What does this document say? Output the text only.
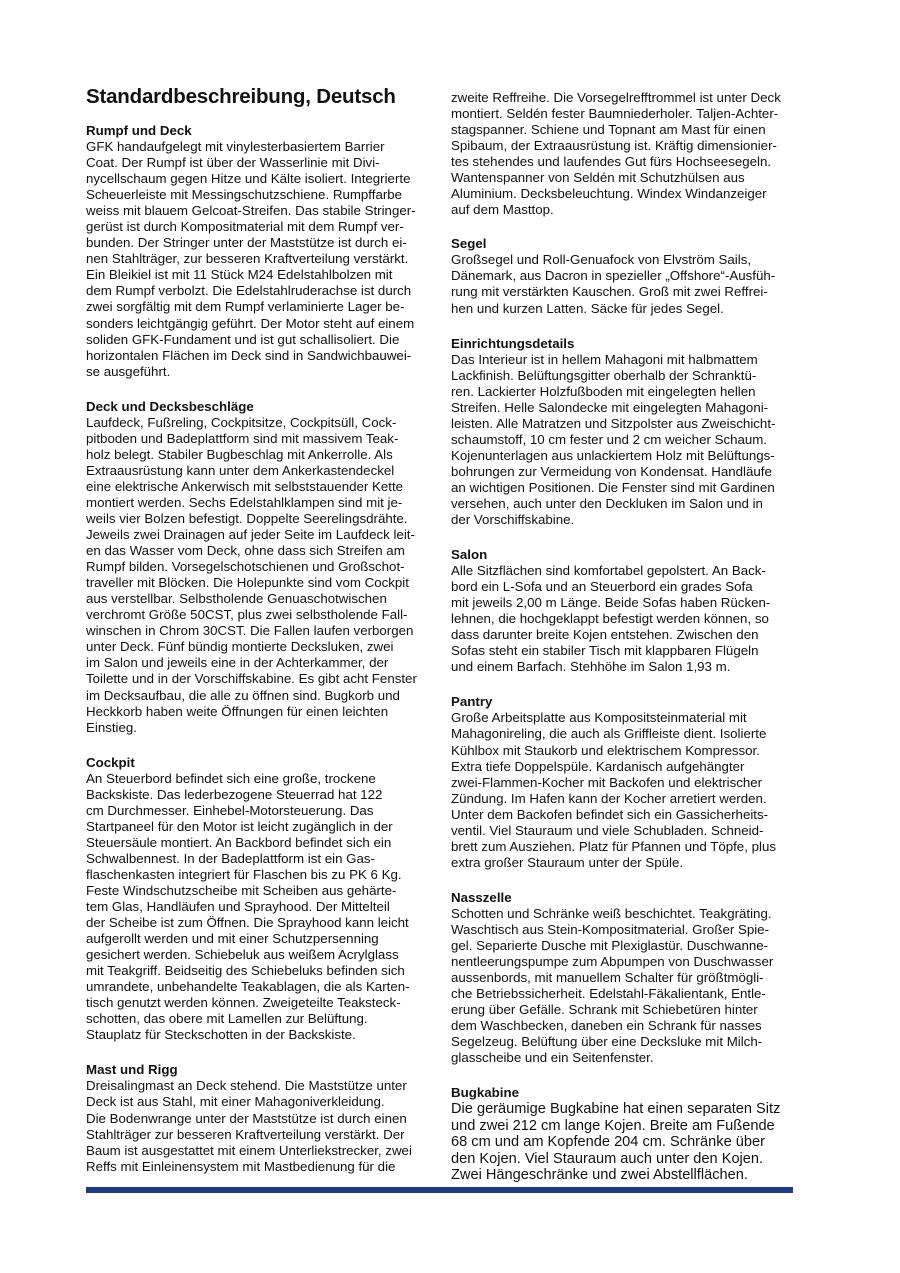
Standardbeschreibung, Deutsch
Rumpf und Deck

GFK handaufgelegt mit vinylesterbasiertem Barrier
Coat. Der Rumpf ist über der Wasserlinie mit Divi-
nycellschaum gegen Hitze und Kälte isoliert. Integrierte
Scheuerleiste mit Messingschutzschiene. Rumpffarbe
weiss mit blauem Gelcoat-Streifen. Das stabile Stringer-
gerüst ist durch Kompositmaterial mit dem Rumpf ver-
bunden. Der Stringer unter der Maststütze ist durch ei-
nen Stahlträger, zur besseren Kraftverteilung verstärkt.
Ein Bleikiel ist mit 11 Stück M24 Edelstahlbolzen mit
dem Rumpf verbolzt. Die Edelstahlruderachse ist durch
zwei sorgfältig mit dem Rumpf verlaminierte Lager be-
sonders leichtgängig geführt. Der Motor steht auf einem
soliden GFK-Fundament und ist gut schallisoliert. Die
horizontalen Flächen im Deck sind in Sandwichbauwei-
se ausgeführt.

Deck und Decksbeschläge

Laufdeck, Fußreling, Cockpitsitze, Cockpitsüll, Cock-
pitboden und Badeplattform sind mit massivem Teak-
holz belegt. Stabiler Bugbeschlag mit Ankerrolle. Als
Extraausrüstung kann unter dem Ankerkastendeckel
eine elektrische Ankerwisch mit selbststauender Kette
montiert werden. Sechs Edelstahlklampen sind mit je-
weils vier Bolzen befestigt. Doppelte Seerelingsdrähte.
Jeweils zwei Drainagen auf jeder Seite im Laufdeck leit-
en das Wasser vom Deck, ohne dass sich Streifen am
Rumpf bilden. Vorsegelschotschienen und Großschot-
traveller mit Blöcken. Die Holepunkte sind vom Cockpit
aus verstellbar. Selbstholende Genuaschotwischen
verchromt Größe 50CST, plus zwei selbstholende Fall-
winschen in Chrom 30CST. Die Fallen laufen verborgen
unter Deck. Fünf bündig montierte Decksluken, zwei
im Salon und jeweils eine in der Achterkammer, der
Toilette und in der Vorschiffskabine. Es gibt acht Fenster
im Decksaufbau, die alle zu öffnen sind. Bugkorb und
Heckkorb haben weite Öffnungen für einen leichten
Einstieg.

Cockpit

An Steuerbord befindet sich eine große, trockene
Backskiste. Das lederbezogene Steuerrad hat 122
cm Durchmesser. Einhebel-Motorsteuerung. Das
Startpaneel für den Motor ist leicht zugänglich in der
Steuersäule montiert. An Backbord befindet sich ein
Schwalbennest. In der Badeplattform ist ein Gas-
flaschenkasten integriert für Flaschen bis zu PK 6 Kg.
Feste Windschutzscheibe mit Scheiben aus gehärte-
tem Glas, Handläufen und Sprayhood. Der Mittelteil
der Scheibe ist zum Öffnen. Die Sprayhood kann leicht
aufgerollt werden und mit einer Schutzpersenning
gesichert werden. Schiebeluk aus weißem Acrylglass
mit Teakgriff. Beidseitig des Schiebeluks befinden sich
umrandete, unbehandelte Teakablagen, die als Karten-
tisch genutzt werden können. Zweigeteilte Teaksteck-
schotten, das obere mit Lamellen zur Belüftung.
Stauplatz für Steckschotten in der Backskiste.

Mast und Rigg

Dreisalingmast an Deck stehend. Die Maststütze unter
Deck ist aus Stahl, mit einer Mahagoniverkleidung.
Die Bodenwrange unter der Maststütze ist durch einen
Stahlträger zur besseren Kraftverteilung verstärkt. Der
Baum ist ausgestattet mit einem Unterliekstrecker, zwei
Reffs mit Einleinensystem mit Mastbedienung für die

zweite Reffreihe. Die Vorsegelrefftrommel ist unter Deck
montiert. Seldén fester Baumniederholer. Taljen-Achter-
stagspanner. Schiene und Topnant am Mast für einen
Spibaum, der Extraausrüstung ist. Kräftig dimensionier-
tes stehendes und laufendes Gut fürs Hochseesegeln.
Wantenspanner von Seldén mit Schutzhülsen aus
Aluminium. Decksbeleuchtung. Windex Windanzeiger
auf dem Masttop.

Segel

Großsegel und Roll-Genuafock von Elvström Sails,
Dänemark, aus Dacron in spezieller „Offshore“-Ausfüh-
rung mit verstärkten Kauschen. Groß mit zwei Reffrei-
hen und kurzen Latten. Säcke für jedes Segel.

Einrichtungsdetails

Das Interieur ist in hellem Mahagoni mit halbmattem
Lackfinish. Belüftungsgitter oberhalb der Schranktü-
ren. Lackierter Holzfußboden mit eingelegten hellen
Streifen. Helle Salondecke mit eingelegten Mahagoni-
leisten. Alle Matratzen und Sitzpolster aus Zweischicht-
schaumstoff, 10 cm fester und 2 cm weicher Schaum.
Kojenunterlagen aus unlackiertem Holz mit Belüftungs-
bohrungen zur Vermeidung von Kondensat. Handläufe
an wichtigen Positionen. Die Fenster sind mit Gardinen
versehen, auch unter den Deckluken im Salon und in
der Vorschiffskabine.

Salon

Alle Sitzflächen sind komfortabel gepolstert. An Back-
bord ein L-Sofa und an Steuerbord ein grades Sofa
mit jeweils 2,00 m Länge. Beide Sofas haben Rücken-
lehnen, die hochgeklappt befestigt werden können, so
dass darunter breite Kojen entstehen. Zwischen den
Sofas steht ein stabiler Tisch mit klappbaren Flügeln
und einem Barfach. Stehhöhe im Salon 1,93 m.

Pantry

Große Arbeitsplatte aus Kompositsteinmaterial mit
Mahagonireling, die auch als Griffleiste dient. Isolierte
Kühlbox mit Staukorb und elektrischem Kompressor.
Extra tiefe Doppelspüle. Kardanisch aufgehängter
zwei-Flammen-Kocher mit Backofen und elektrischer
Zündung. Im Hafen kann der Kocher arretiert werden.
Unter dem Backofen befindet sich ein Gassicherheits-
ventil. Viel Stauraum und viele Schubladen. Schneid-
brett zum Ausziehen. Platz für Pfannen und Töpfe, plus
extra großer Stauraum unter der Spüle.

Nasszelle

Schotten und Schränke weiß beschichtet. Teakgräting.
Waschtisch aus Stein-Kompositmaterial. Großer Spie-
gel. Separierte Dusche mit Plexiglastür. Duschwanne-
nentleerungspumpe zum Abpumpen von Duschwasser
aussenbords, mit manuellem Schalter für größtmögli-
che Betriebssicherheit. Edelstahl-Fäkalientank, Entle-
erung über Gefälle. Schrank mit Schiebetüren hinter
dem Waschbecken, daneben ein Schrank für nasses
Segelzeug. Belüftung über eine Decksluke mit Milch-
glasscheibe und ein Seitenfenster.

Bugkabine

Die geräumige Bugkabine hat einen separaten Sitz
und zwei 212 cm lange Kojen. Breite am Fußende
68 cm und am Kopfende 204 cm. Schränke über
den Kojen. Viel Stauraum auch unter den Kojen.
Zwei Hängeschränke und zwei Abstellflächen.
